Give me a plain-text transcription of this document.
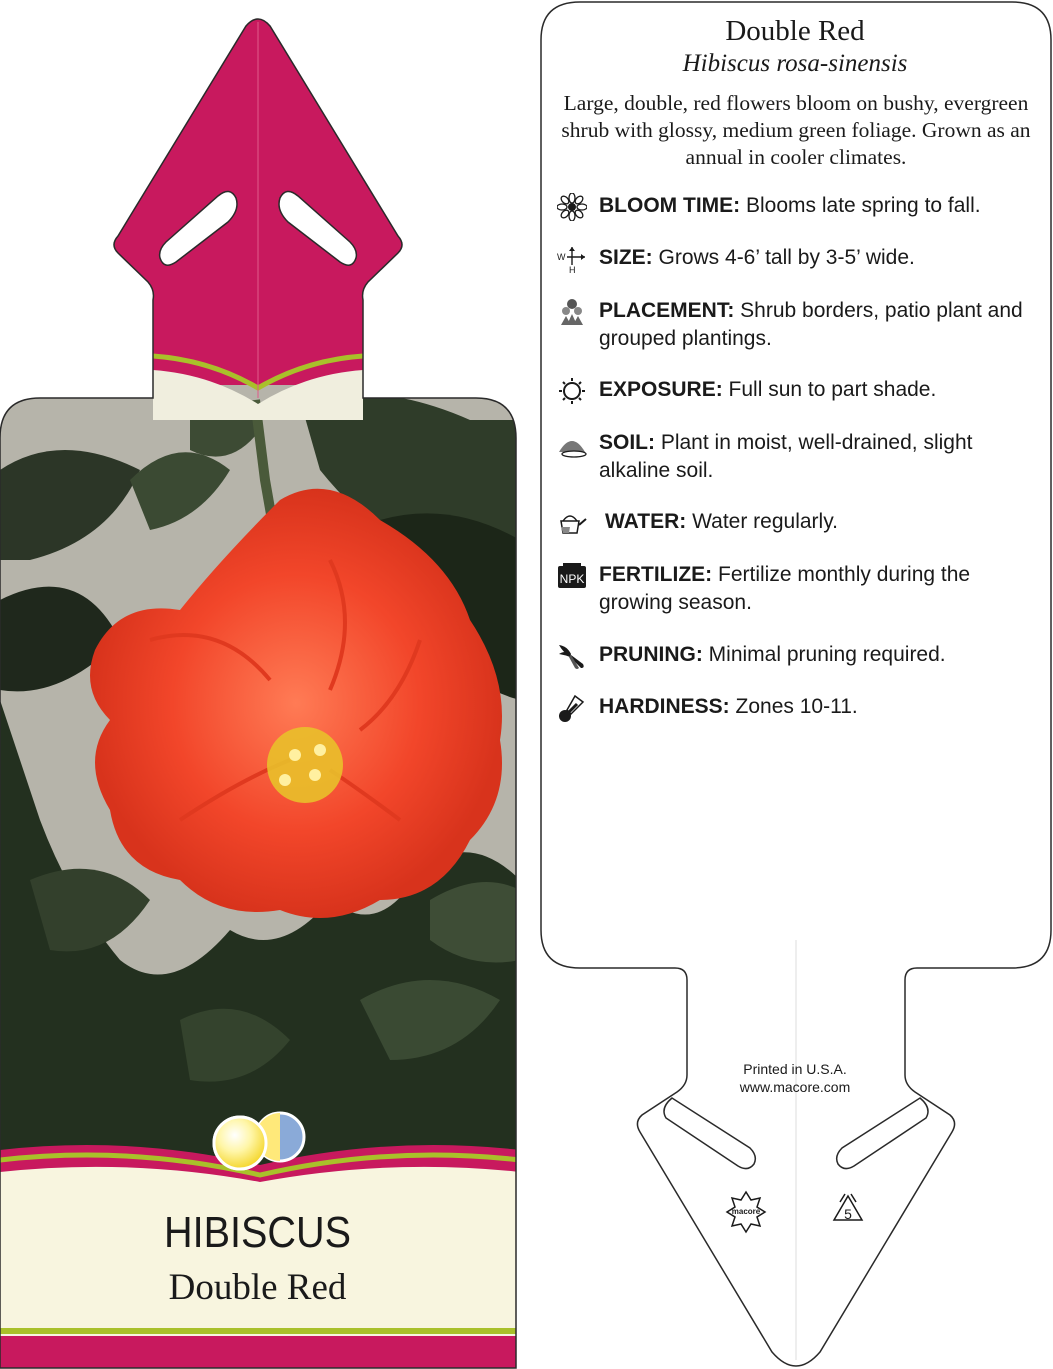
HIBISCUS
Double Red
Double Red
Hibiscus rosa-sinensis
Large, double, red flowers bloom on bushy, evergreen shrub with glossy, medium green foliage. Grown as an annual in cooler climates.
BLOOM TIME: Blooms late spring to fall.
W
H
SIZE: Grows 4-6’ tall by 3-5’ wide.
PLACEMENT: Shrub borders, patio plant and grouped plantings.
EXPOSURE: Full sun to part shade.
SOIL: Plant in moist, well-drained, slight alkaline soil.
WATER: Water regularly.
NPK FERTILIZE: Fertilize monthly during the growing season.
PRUNING: Minimal pruning required.
HARDINESS: Zones 10-11.
Printed in U.S.A.
www.macore.com
macore	5
